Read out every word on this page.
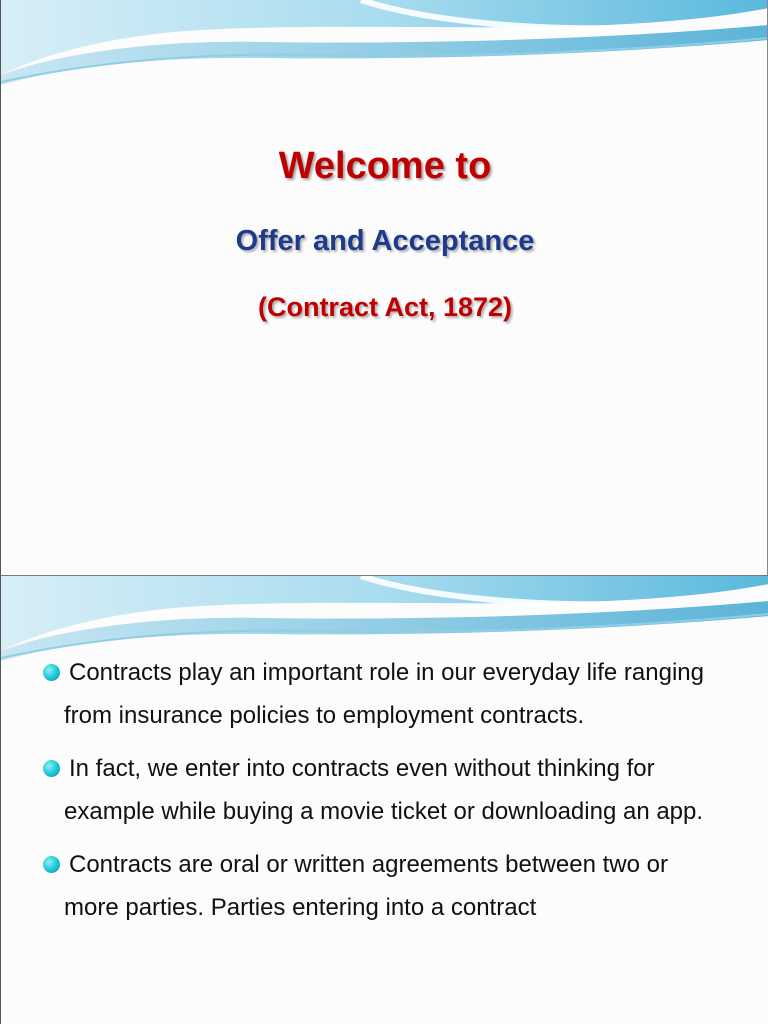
Welcome to
Offer and Acceptance
(Contract Act, 1872)
Contracts play an important role in our everyday life ranging from insurance policies to employment contracts.
In fact, we enter into contracts even without thinking for example while buying a movie ticket or downloading an app.
Contracts are oral or written agreements between two or more parties. Parties entering into a contract
